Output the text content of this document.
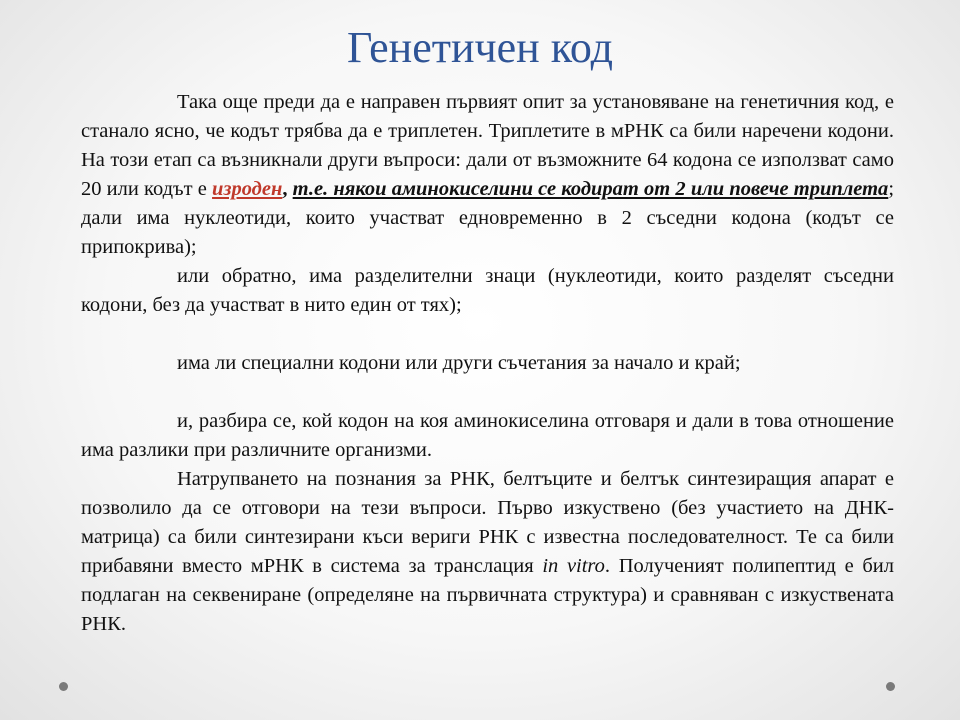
Генетичен код

Така още преди да е направен първият опит за установяване на генетичния код, е станало ясно, че кодът трябва да е триплетен. Триплетите в мРНК са били наречени кодони. На този етап са възникнали други въпроси: дали от възможните 64 кодона се използват само 20 или кодът е изроден, т.е. някои аминокиселини се кодират от 2 или повече триплета; дали има нуклеотиди, които участват едновременно в 2 съседни кодона (кодът се припокрива);

или обратно, има разделителни знаци (нуклеотиди, които разделят съседни кодони, без да участват в нито един от тях);

има ли специални кодони или други съчетания за начало и край;

и, разбира се, кой кодон на коя аминокиселина отговаря и дали в това отношение има разлики при различните организми.

Натрупването на познания за РНК, белтъците и белтък синтезиращия апарат е позволило да се отговори на тези въпроси. Първо изкуствено (без участието на ДНК-матрица) са били синтезирани къси вериги РНК с известна последователност. Те са били прибавяни вместо мРНК в система за транслация in vitro. Полученият полипептид е бил подлаган на секвениране (определяне на първичната структура) и сравняван с изкуствената РНК.
